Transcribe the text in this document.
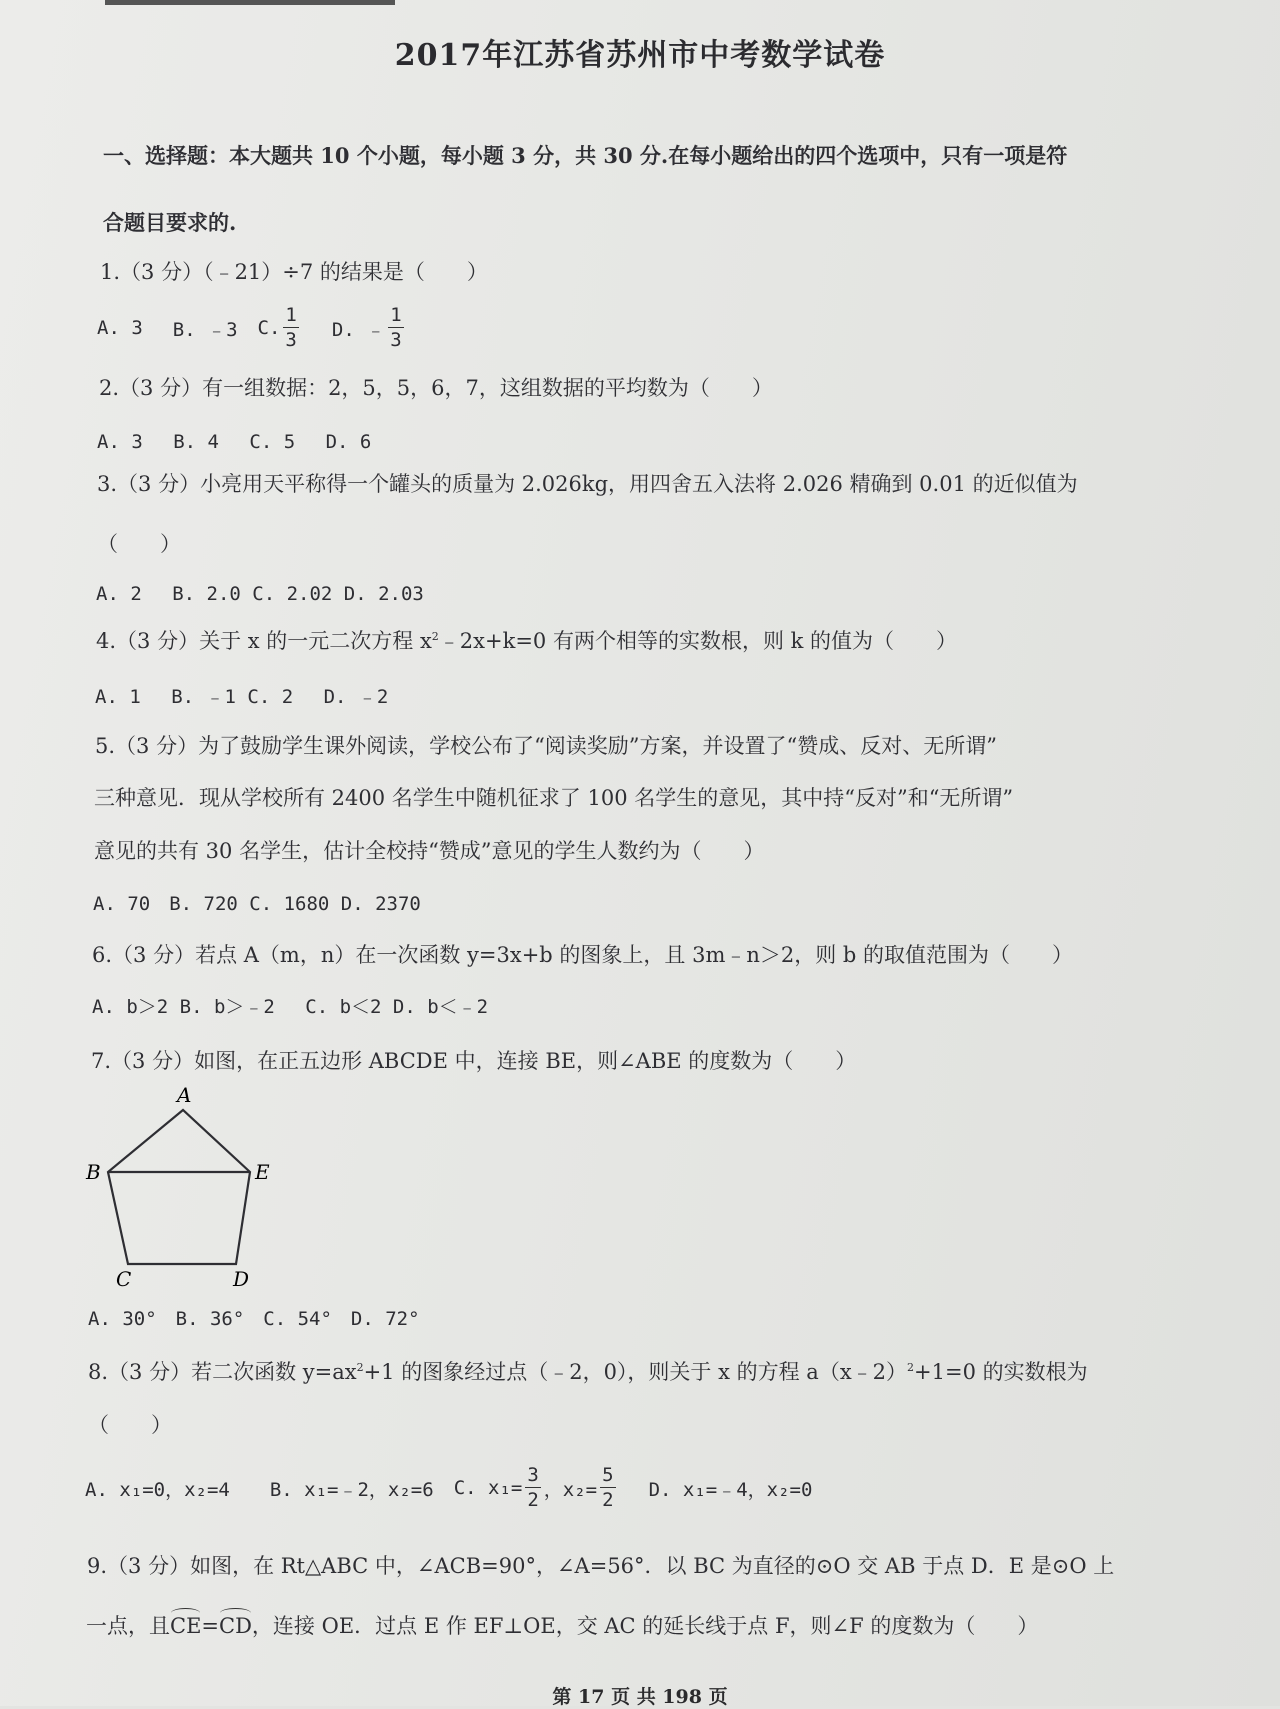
2017年江苏省苏州市中考数学试卷
一、选择题：本大题共 10 个小题，每小题 3 分，共 30 分.在每小题给出的四个选项中，只有一项是符
合题目要求的.
1.（3 分）（﹣21）÷7 的结果是（　　）
A. 3 B. ﹣3 C. $\frac{1}{3} D$. ﹣ $\frac{1}{3}$
2.（3 分）有一组数据：2，5，5，6，7，这组数据的平均数为（　　）
A. 3　 B. 4　 C. 5　 D. 6
3.（3 分）小亮用天平称得一个罐头的质量为 2.026kg，用四舍五入法将 2.026 精确到 0.01 的近似值为
（　　）
A. 2　 B. 2.0 C. 2.02 D. 2.03
4.（3 分）关于 x 的一元二次方程 $x^2﹣2x+k=0$ 有两个相等的实数根，则 k 的值为（　　）
A. 1　 B. ﹣1 C. 2　 D. ﹣2
5.（3 分）为了鼓励学生课外阅读，学校公布了“阅读奖励”方案，并设置了“赞成、反对、无所谓”
三种意见．现从学校所有 2400 名学生中随机征求了 100 名学生的意见，其中持“反对”和“无所谓”
意见的共有 30 名学生，估计全校持“赞成”意见的学生人数约为（　　）
A. 70　B. 720 C. 1680 D. 2370
6.（3 分）若点 A（m，n）在一次函数 y=3x+b 的图象上，且 3m﹣n＞2，则 b 的取值范围为（　　）
A. b＞2 B. b＞﹣2　 C. b＜2 D. b＜﹣2
7.（3 分）如图，在正五边形 ABCDE 中，连接 BE，则∠ABE 的度数为（　　）
A
B
C	D
E
A. 30°　B. 36°　C. 54°　D. 72°
8.（3 分）若二次函数 $y=ax^2+1$ 的图象经过点（﹣2，0），则关于 x 的方程 a（x﹣2）$^2$+1=0 的实数根为
（　　）
A. x₁=0，x₂=4 B. x₁=﹣2，x₂=6 C. $x_1= \frac{3}{2}$ ，$x_2= \frac{5}{2} D$. x₁=﹣4，x₂=0
9.（3 分）如图，在 Rt△ABC 中，∠ACB=90°，∠A=56°．以 BC 为直径的⊙O 交 AB 于点 D．E 是⊙O 上
一点，且CE=CD，连接 OE．过点 E 作 EF⊥OE，交 AC 的延长线于点 F，则∠F 的度数为（　　）
第 17 页 共 198 页
